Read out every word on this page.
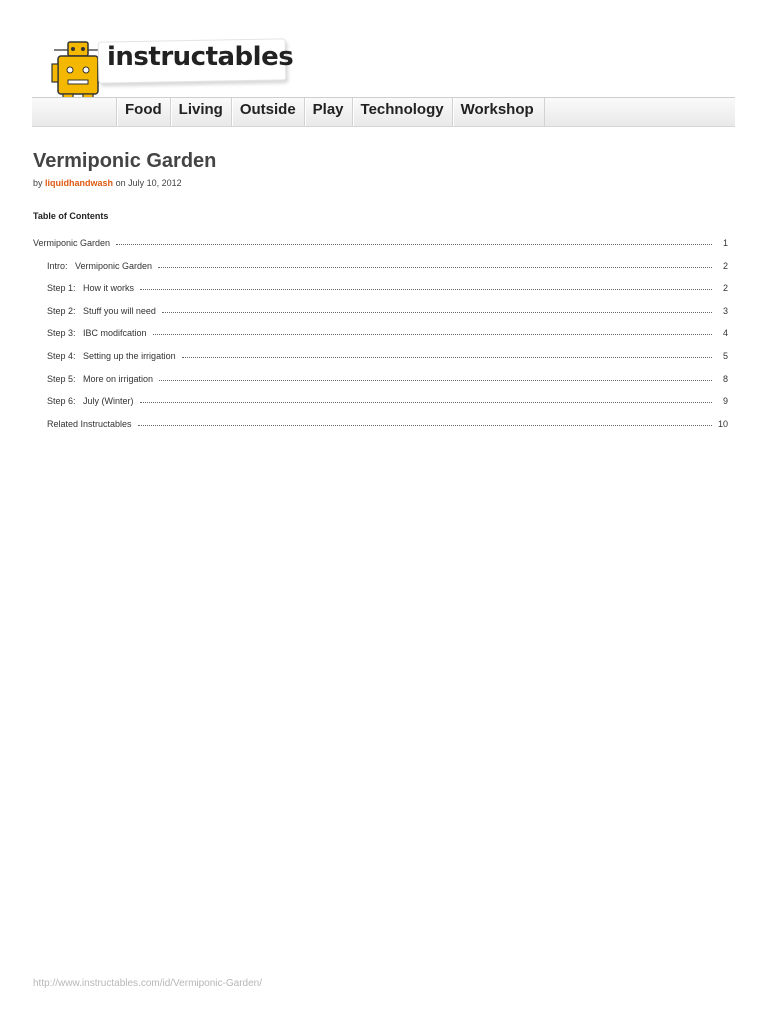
instructables
Food	Living	Outside	Play	Technology	Workshop
Vermiponic Garden
by liquidhandwash on July 10, 2012
Table of Contents
Vermiponic Garden	1
Intro:   Vermiponic Garden	2
Step 1:   How it works	2
Step 2:   Stuff you will need	3
Step 3:   IBC modifcation	4
Step 4:   Setting up the irrigation	5
Step 5:   More on irrigation	8
Step 6:   July (Winter)	9
Related Instructables	10
http://www.instructables.com/id/Vermiponic-Garden/
